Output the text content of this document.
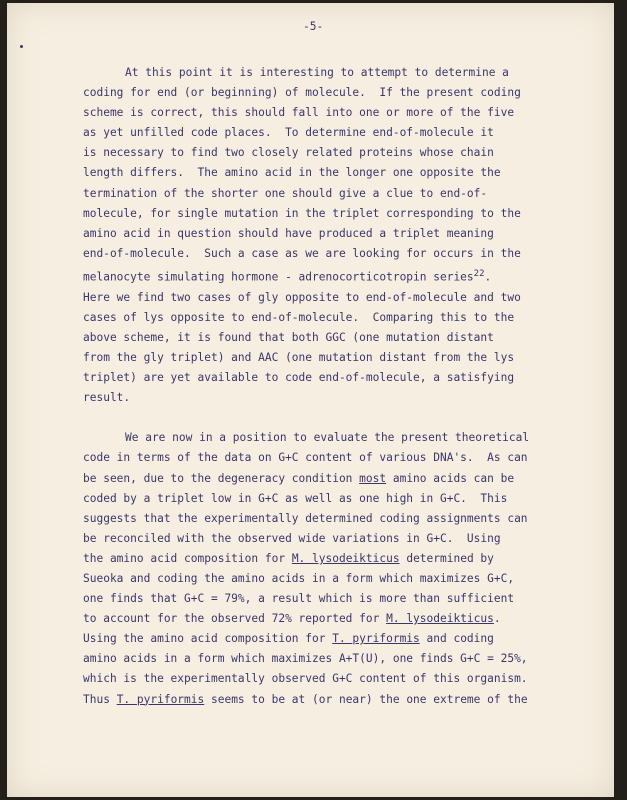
-5-
At this point it is interesting to attempt to determine a
coding for end (or beginning) of molecule.  If the present coding
scheme is correct, this should fall into one or more of the five
as yet unfilled code places.  To determine end-of-molecule it
is necessary to find two closely related proteins whose chain
length differs.  The amino acid in the longer one opposite the
termination of the shorter one should give a clue to end-of-
molecule, for single mutation in the triplet corresponding to the
amino acid in question should have produced a triplet meaning
end-of-molecule.  Such a case as we are looking for occurs in the
melanocyte simulating hormone - adrenocorticotropin series$^{22}$.
Here we find two cases of gly opposite to end-of-molecule and two
cases of lys opposite to end-of-molecule.  Comparing this to the
above scheme, it is found that both GGC (one mutation distant
from the gly triplet) and AAC (one mutation distant from the lys
triplet) are yet available to code end-of-molecule, a satisfying
result.
We are now in a position to evaluate the present theoretical
code in terms of the data on G+C content of various DNA's.  As can
be seen, due to the degeneracy condition most amino acids can be
coded by a triplet low in G+C as well as one high in G+C.  This
suggests that the experimentally determined coding assignments can
be reconciled with the observed wide variations in G+C.  Using
the amino acid composition for M. lysodeikticus determined by
Sueoka and coding the amino acids in a form which maximizes G+C,
one finds that G+C = 79%, a result which is more than sufficient
to account for the observed 72% reported for M. lysodeikticus.
Using the amino acid composition for T. pyriformis and coding
amino acids in a form which maximizes A+T(U), one finds G+C = 25%,
which is the experimentally observed G+C content of this organism.
Thus T. pyriformis seems to be at (or near) the one extreme of the
